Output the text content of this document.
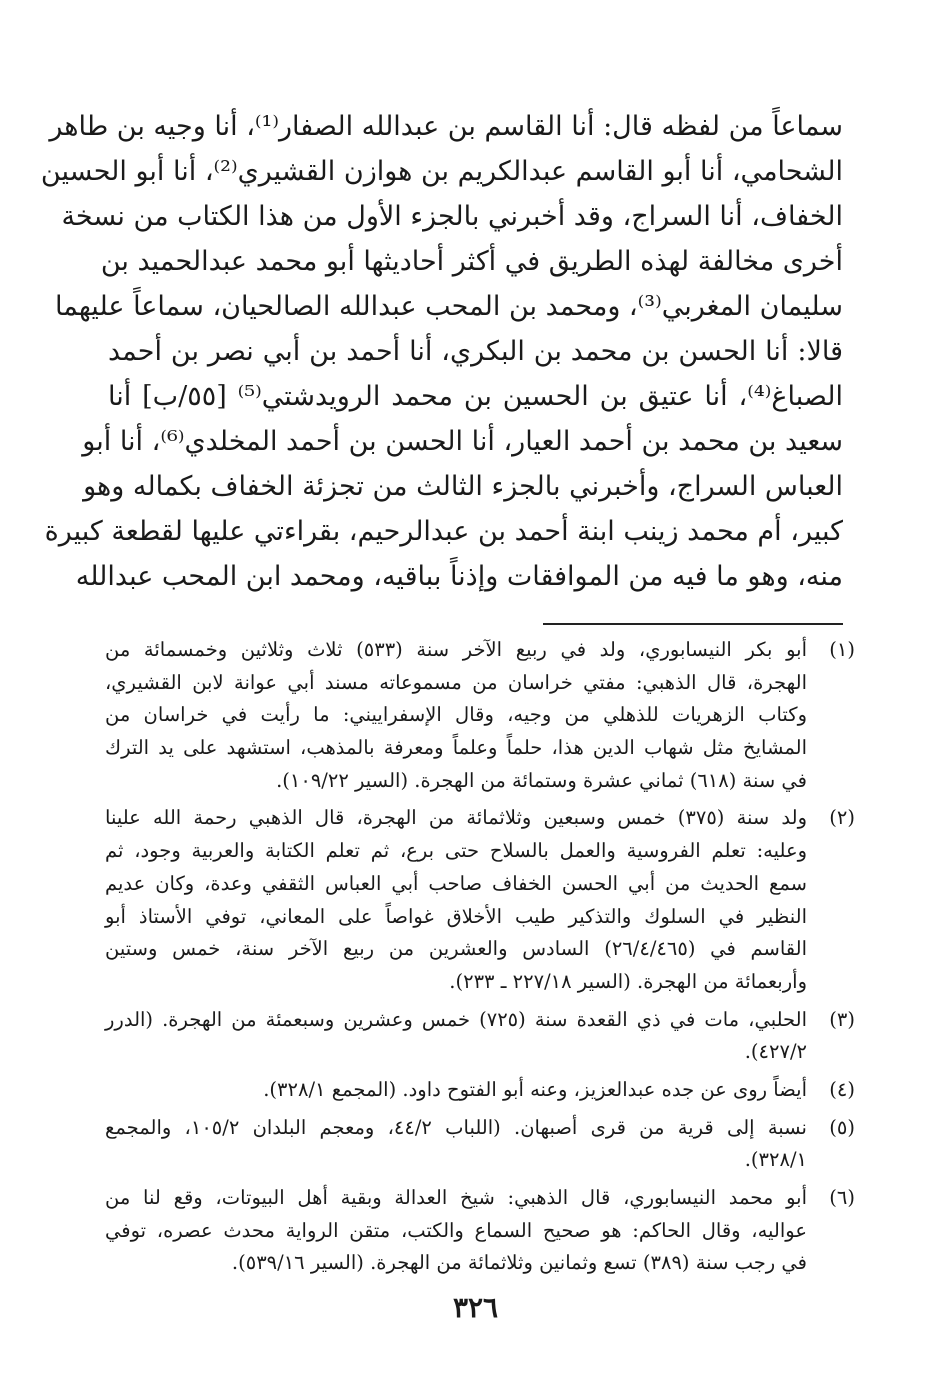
سماعاً من لفظه قال: أنا القاسم بن عبدالله الصفار⁽¹⁾، أنا وجيه بن طاهر
الشحامي، أنا أبو القاسم عبدالكريم بن هوازن القشيري⁽²⁾، أنا أبو الحسين
الخفاف، أنا السراج، وقد أخبرني بالجزء الأول من هذا الكتاب من نسخة
أخرى مخالفة لهذه الطريق في أكثر أحاديثها أبو محمد عبدالحميد بن
سليمان المغربي⁽³⁾، ومحمد بن المحب عبدالله الصالحيان، سماعاً عليهما
قالا: أنا الحسن بن محمد بن البكري، أنا أحمد بن أبي نصر بن أحمد
الصباغ⁽⁴⁾، أنا عتيق بن الحسين بن محمد الرويدشتي⁽⁵⁾ [٥٥/ب] أنا
سعيد بن محمد بن أحمد العيار، أنا الحسن بن أحمد المخلدي⁽⁶⁾، أنا أبو
العباس السراج، وأخبرني بالجزء الثالث من تجزئة الخفاف بكماله وهو
كبير، أم محمد زينب ابنة أحمد بن عبدالرحيم، بقراءتي عليها لقطعة كبيرة
منه، وهو ما فيه من الموافقات وإذناً بباقيه، ومحمد ابن المحب عبدالله
(١)
أبو بكر النيسابوري، ولد في ربيع الآخر سنة (٥٣٣) ثلاث وثلاثين وخمسمائة من
الهجرة، قال الذهبي: مفتي خراسان من مسموعاته مسند أبي عوانة لابن القشيري،
وكتاب الزهريات للذهلي من وجيه، وقال الإسفراييني: ما رأيت في خراسان من
المشايخ مثل شهاب الدين هذا، حلماً وعلماً ومعرفة بالمذهب، استشهد على يد الترك
في سنة (٦١٨) ثماني عشرة وستمائة من الهجرة. (السير ١٠٩/٢٢).
(٢)
ولد سنة (٣٧٥) خمس وسبعين وثلاثمائة من الهجرة، قال الذهبي رحمة الله علينا
وعليه: تعلم الفروسية والعمل بالسلاح حتى برع، ثم تعلم الكتابة والعربية وجود، ثم
سمع الحديث من أبي الحسن الخفاف صاحب أبي العباس الثقفي وعدة، وكان عديم
النظير في السلوك والتذكير طيب الأخلاق غواصاً على المعاني، توفي الأستاذ أبو
القاسم في (٢٦/٤/٤٦٥) السادس والعشرين من ربيع الآخر سنة، خمس وستين
وأربعمائة من الهجرة. (السير ٢٢٧/١٨ ـ ٢٣٣).
(٣)
الحلبي، مات في ذي القعدة سنة (٧٢٥) خمس وعشرين وسبعمئة من الهجرة. (الدرر
٤٢٧/٢).
(٤)
أيضاً روى عن جده عبدالعزيز، وعنه أبو الفتوح داود. (المجمع ٣٢٨/١).
(٥)
نسبة إلى قرية من قرى أصبهان. (اللباب ٤٤/٢، ومعجم البلدان ١٠٥/٢، والمجمع
٣٢٨/١).
(٦)
أبو محمد النيسابوري، قال الذهبي: شيخ العدالة وبقية أهل البيوتات، وقع لنا من
عواليه، وقال الحاكم: هو صحيح السماع والكتب، متقن الرواية محدث عصره، توفي
في رجب سنة (٣٨٩) تسع وثمانين وثلاثمائة من الهجرة. (السير ٥٣٩/١٦).
٣٢٦
